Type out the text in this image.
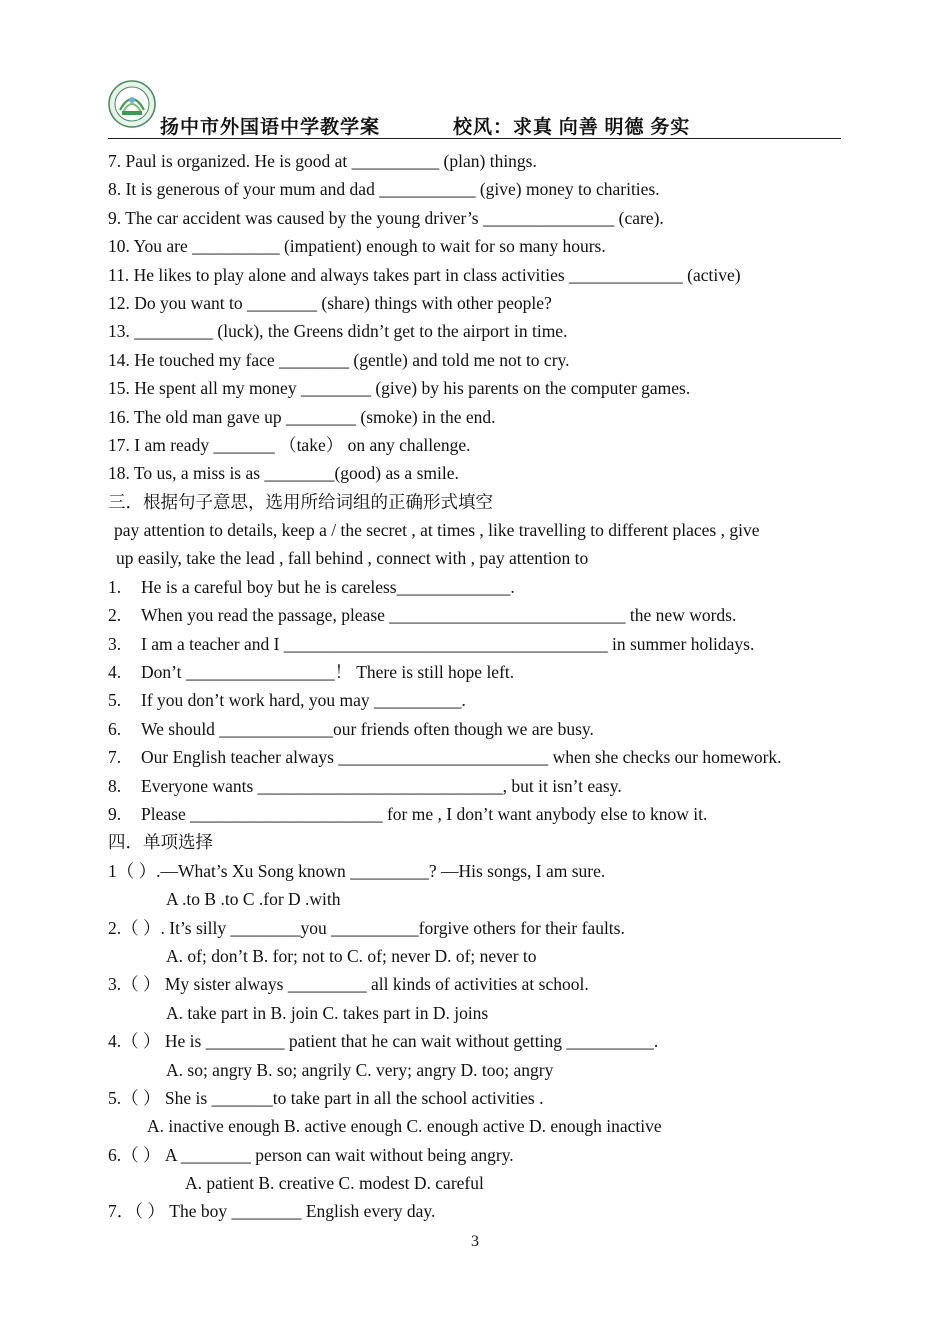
扬中市外国语中学教学案	校风：求真 向善 明德 务实
7. Paul is organized. He is good at __________ (plan) things.
8. It is generous of your mum and dad ___________ (give) money to charities.
9. The car accident was caused by the young driver’s _______________ (care).
10. You are __________ (impatient) enough to wait for so many hours.
11. He likes to play alone and always takes part in class activities _____________ (active)
12. Do you want to ________ (share) things with other people?
13. _________ (luck), the Greens didn’t get to the airport in time.
14. He touched my face ________ (gentle) and told me not to cry.
15. He spent all my money ________ (give) by his parents on the computer games.
16. The old man gave up ________ (smoke) in the end.
17. I am ready _______ （take） on any challenge.
18. To us, a miss is as ________(good) as a smile.
三．根据句子意思，选用所给词组的正确形式填空
pay attention to details, keep a / the secret , at times , like travelling to different places , give
up easily, take the lead , fall behind , connect with , pay attention to
1. He is a careful boy but he is careless_____________.
2. When you read the passage, please ___________________________ the new words.
3. I am a teacher and I _____________________________________ in summer holidays.
4. Don’t _________________！ There is still hope left.
5. If you don’t work hard, you may __________.
6. We should _____________our friends often though we are busy.
7. Our English teacher always ________________________ when she checks our homework.
8. Everyone wants ____________________________, but it isn’t easy.
9. Please ______________________ for me , I don’t want anybody else to know it.
四．单项选择
1（ ）.—What’s Xu Song known _________? —His songs, I am sure.
A .to B .to C .for D .with
2.（ ）. It’s silly ________you __________forgive others for their faults.
A. of; don’t B. for; not to C. of; never D. of; never to
3.（ ） My sister always _________ all kinds of activities at school.
A. take part in B. join C. takes part in D. joins
4.（ ） He is _________ patient that he can wait without getting __________.
A. so; angry B. so; angrily C. very; angry D. too; angry
5.（ ） She is _______to take part in all the school activities .
A. inactive enough B. active enough C. enough active D. enough inactive
6.（ ） A ________ person can wait without being angry.
A. patient B. creative C. modest D. careful
7．（ ） The boy ________ English every day.
3
